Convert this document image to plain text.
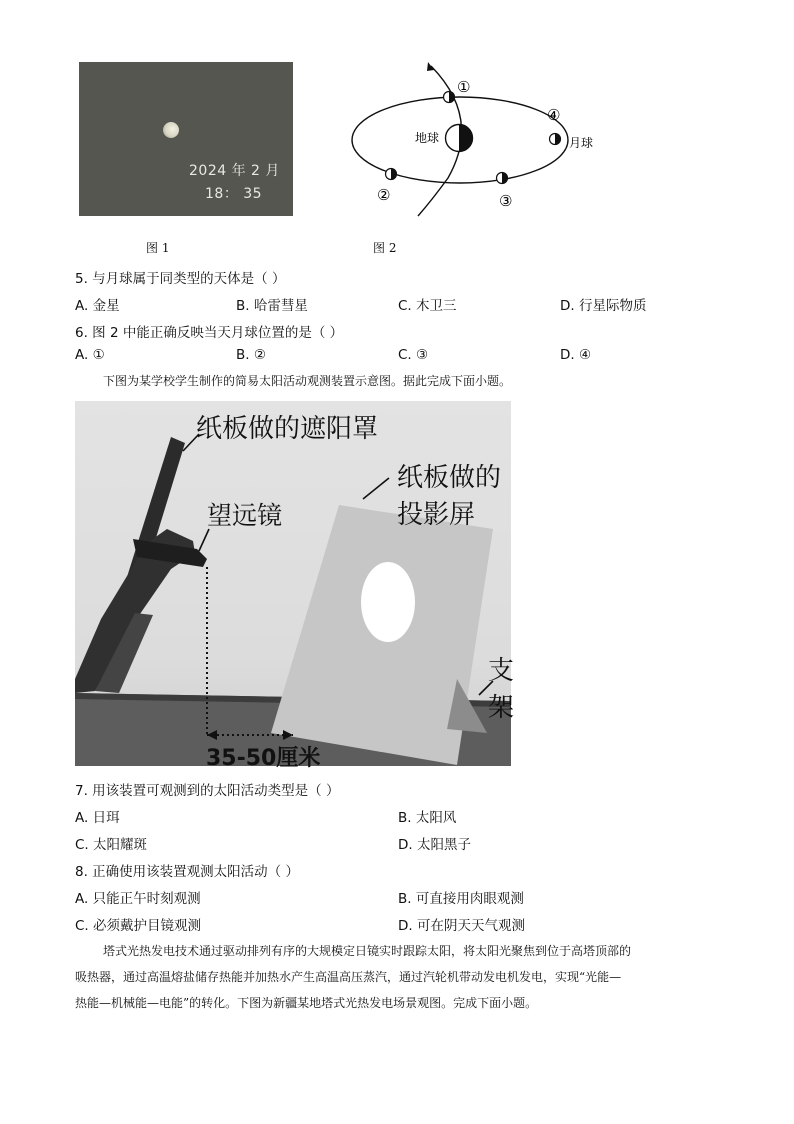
2024 年 2 月
18： 35
图 1
地球	月球
①
②	③
④
图 2
5. 与月球属于同类型的天体是（ ）
A. 金星	B. 哈雷彗星	C. 木卫三	D. 行星际物质
6. 图 2 中能正确反映当天月球位置的是（ ）
A. ①	B. ②	C. ③	D. ④
下图为某学校学生制作的简易太阳活动观测装置示意图。据此完成下面小题。
纸板做的遮阳罩
纸板做的投影屏
望远镜
支架
35-50厘米
7. 用该装置可观测到的太阳活动类型是（ ）
A. 日珥	B. 太阳风
C. 太阳耀斑	D. 太阳黑子
8. 正确使用该装置观测太阳活动（ ）
A. 只能正午时刻观测	B. 可直接用肉眼观测
C. 必须戴护目镜观测	D. 可在阴天天气观测
塔式光热发电技术通过驱动排列有序的大规模定日镜实时跟踪太阳，将太阳光聚焦到位于高塔顶部的
吸热器，通过高温熔盐储存热能并加热水产生高温高压蒸汽，通过汽轮机带动发电机发电，实现“光能—
热能—机械能—电能”的转化。下图为新疆某地塔式光热发电场景观图。完成下面小题。
